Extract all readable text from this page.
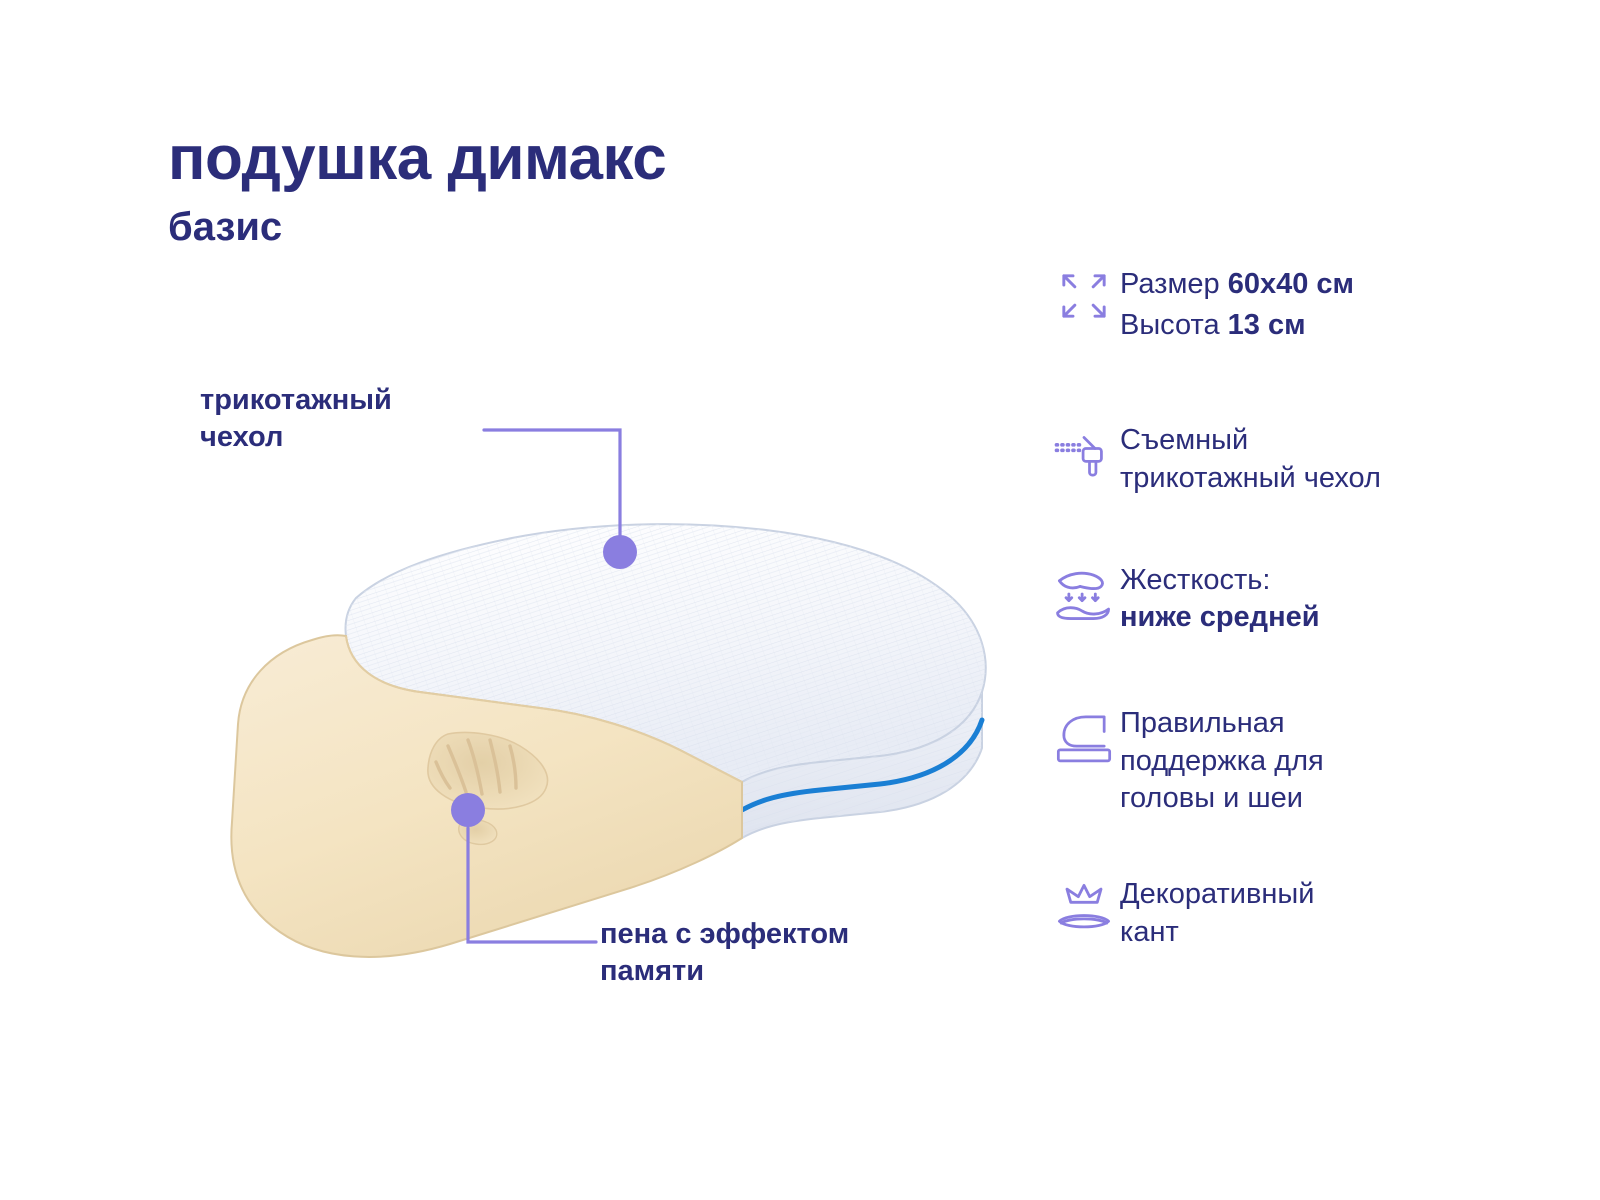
подушка димакс
базис
трикотажный
чехол
пена с эффектом
памяти
Размер 60х40 см
Высота 13 см
Съемный
трикотажный чехол
Жесткость:
ниже средней
Правильная
поддержка для
головы и шеи
Декоративный
кант
